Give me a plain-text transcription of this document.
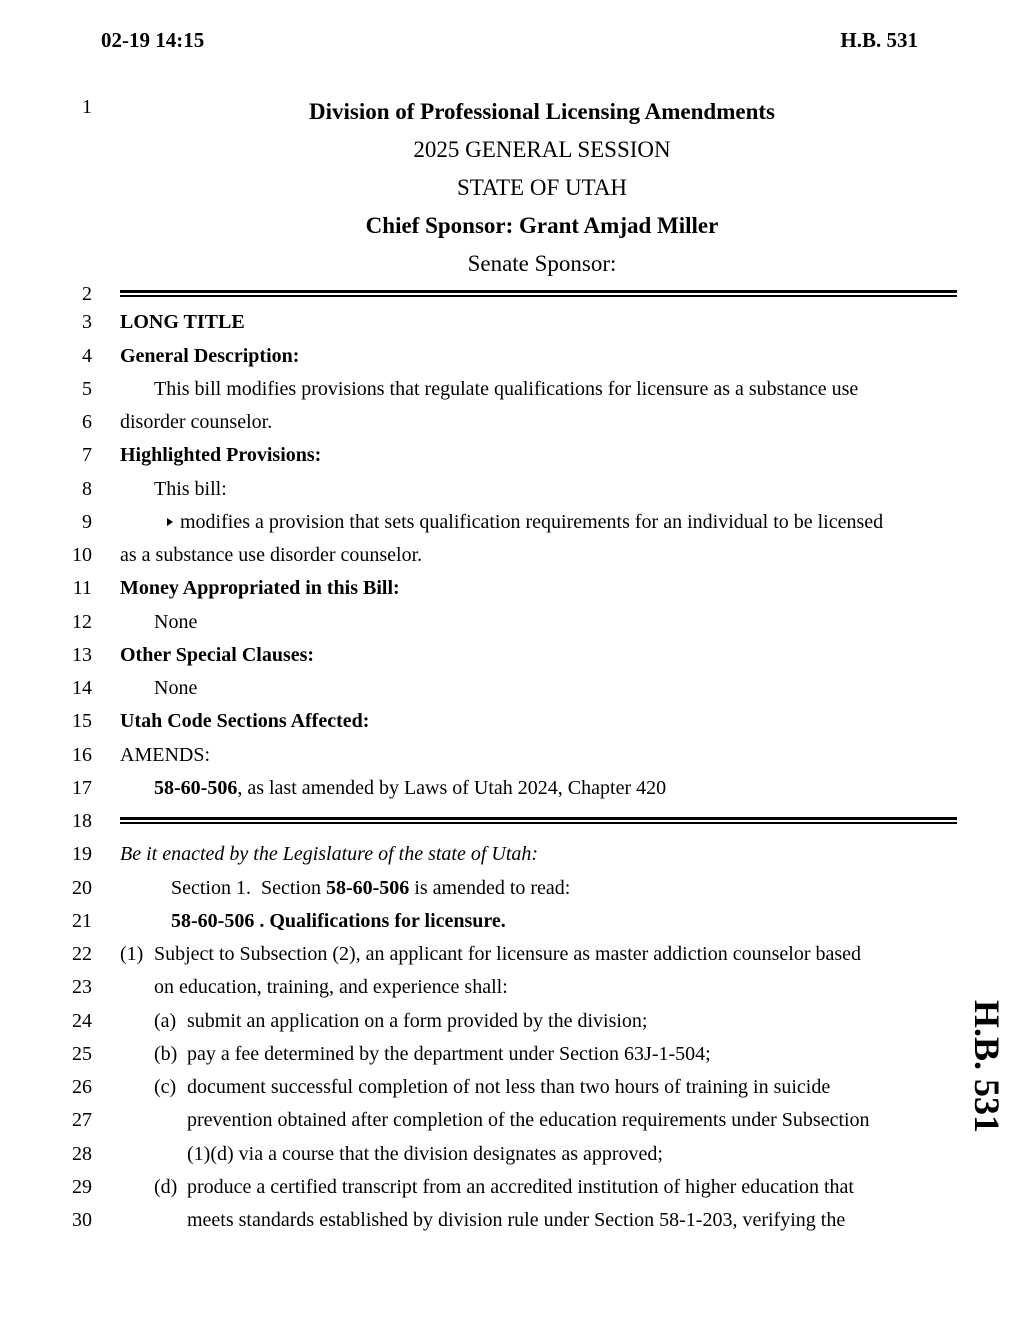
02-19 14:15	H.B. 531
1	Division of Professional Licensing Amendments
2025 GENERAL SESSION
STATE OF UTAH
Chief Sponsor: Grant Amjad Miller
Senate Sponsor:
2

3

LONG TITLE

4

General Description:

5

	This bill modifies provisions that regulate qualifications for licensure as a substance use

6

disorder counselor.

7

Highlighted Provisions:

8

	This bill:

9

	modifies a provision that sets qualification requirements for an individual to be licensed

10

as a substance use disorder counselor.

11

Money Appropriated in this Bill:

12

	None

13

Other Special Clauses:

14

	None

15

Utah Code Sections Affected:

16

AMENDS:

17

	58-60-506, as last amended by Laws of Utah 2024, Chapter 420

18

19

Be it enacted by the Legislature of the state of Utah:

20

	Section 1.  Section 58-60-506 is amended to read:

21

	58-60-506 . Qualifications for licensure.

22

(1)

Subject to Subsection (2), an applicant for licensure as master addiction counselor based

23

	on education, training, and experience shall:

24

	(a)

submit an application on a form provided by the division;

25

	(b)

pay a fee determined by the department under Section 63J-1-504;

26

	(c)

document successful completion of not less than two hours of training in suicide

27

	prevention obtained after completion of the education requirements under Subsection

28

	(1)(d) via a course that the division designates as approved;

29

	(d)

produce a certified transcript from an accredited institution of higher education that

30

	meets standards established by division rule under Section 58-1-203, verifying the

H.B. 531
